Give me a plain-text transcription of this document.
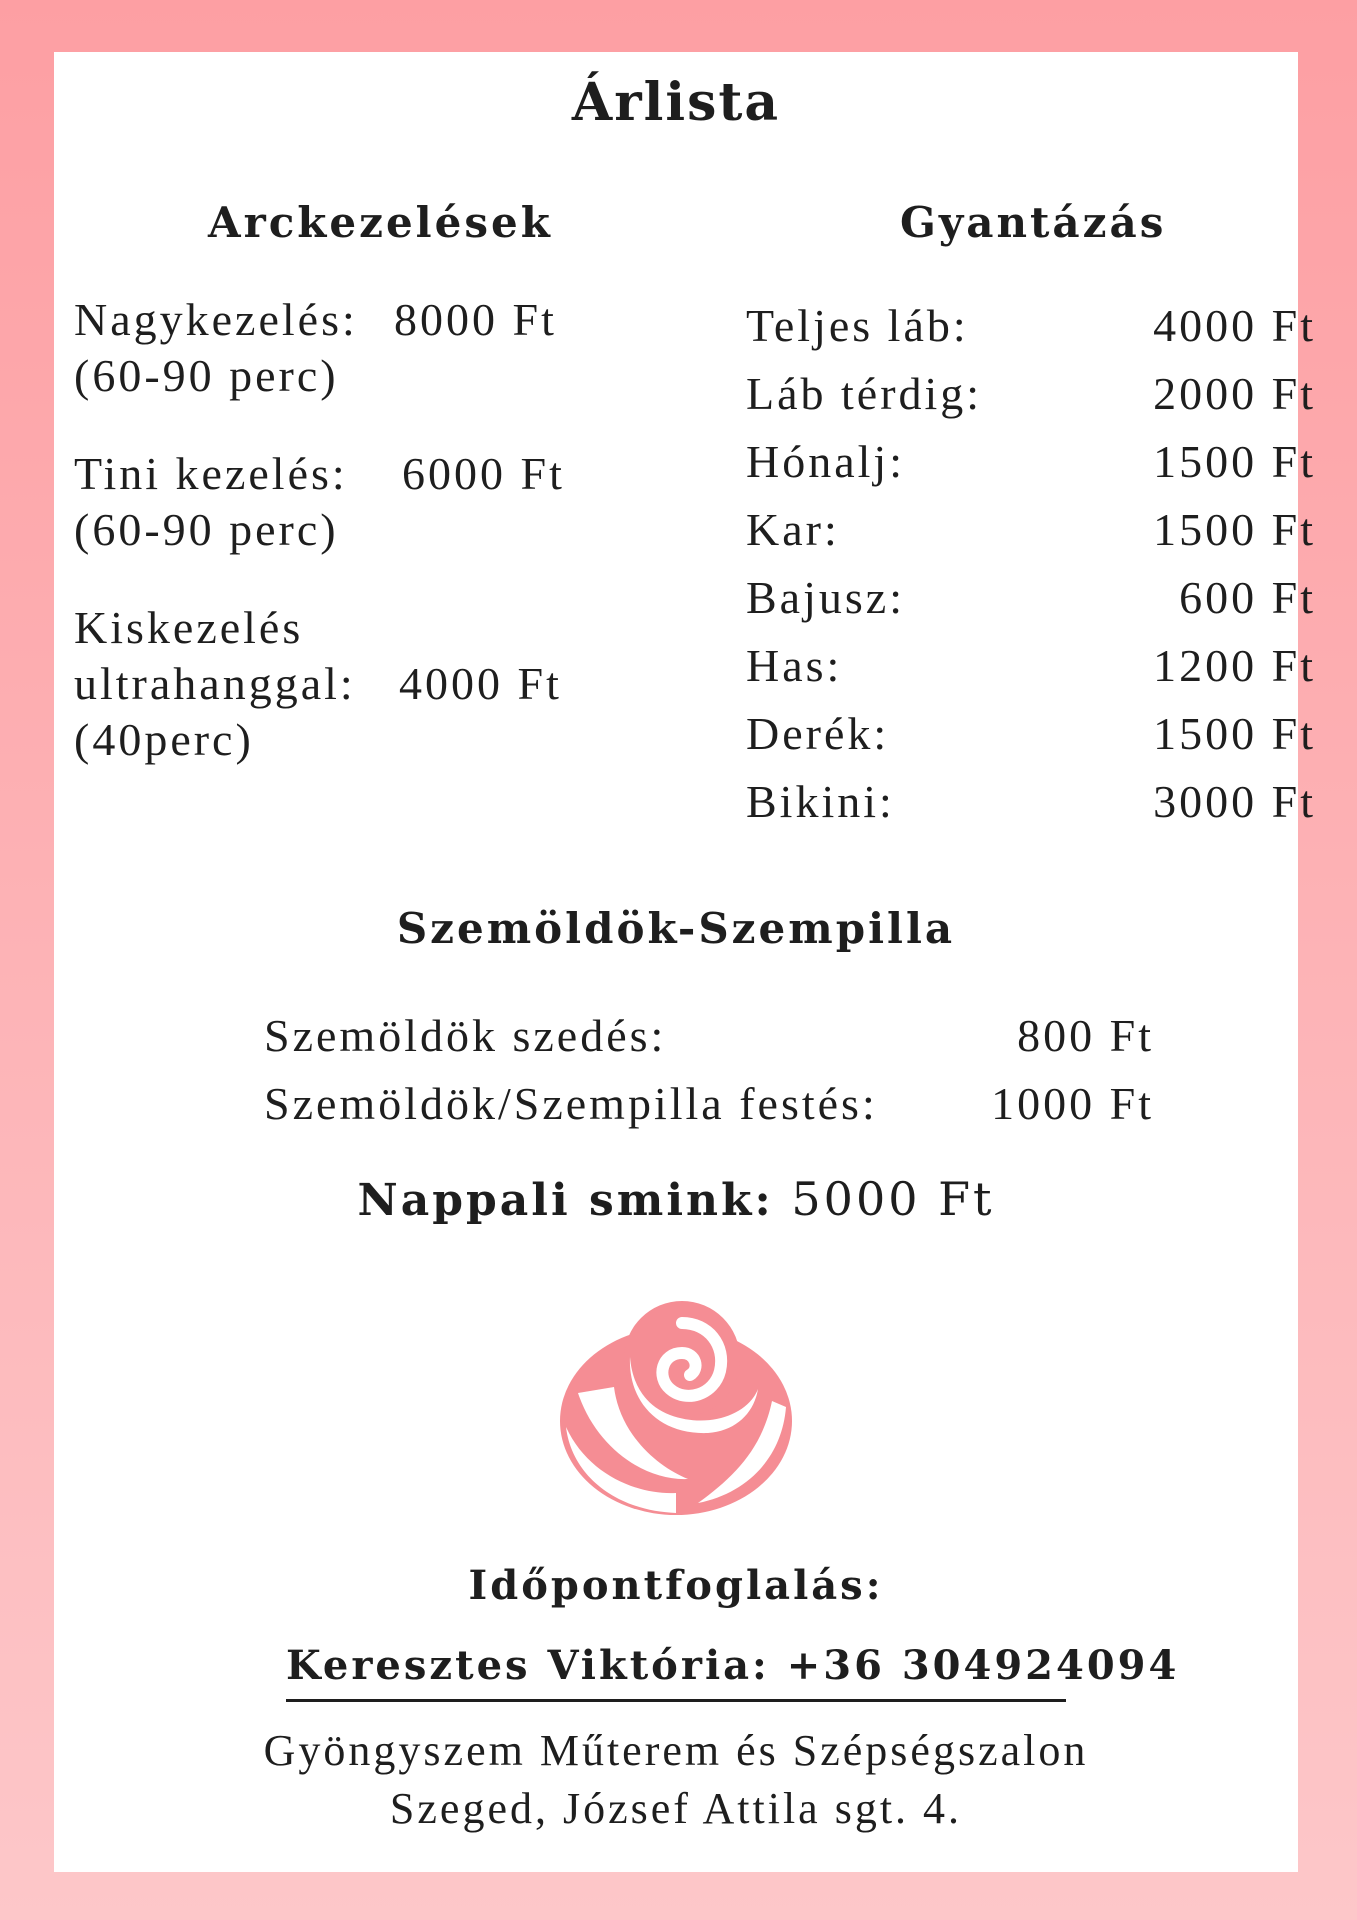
Árlista
Arckezelések
Nagykezelés: 8000 Ft
(60-90 perc)
Tini kezelés:	6000 Ft
(60-90 perc)
Kiskezelés
ultrahanggal: 4000 Ft
(40perc)
Gyantázás
Teljes láb:	4000 Ft
Láb térdig:	2000 Ft
Hónalj:	1500 Ft
Kar:	1500 Ft
Bajusz:	600 Ft
Has:	1200 Ft
Derék:	1500 Ft
Bikini:	3000 Ft
Szemöldök-Szempilla
Szemöldök szedés:	800 Ft
Szemöldök/Szempilla festés: 1000 Ft
Nappali smink: 5000 Ft
Időpontfoglalás:
Keresztes Viktória: +36 304924094
Gyöngyszem Műterem és Szépségszalon
Szeged, József Attila sgt. 4.
